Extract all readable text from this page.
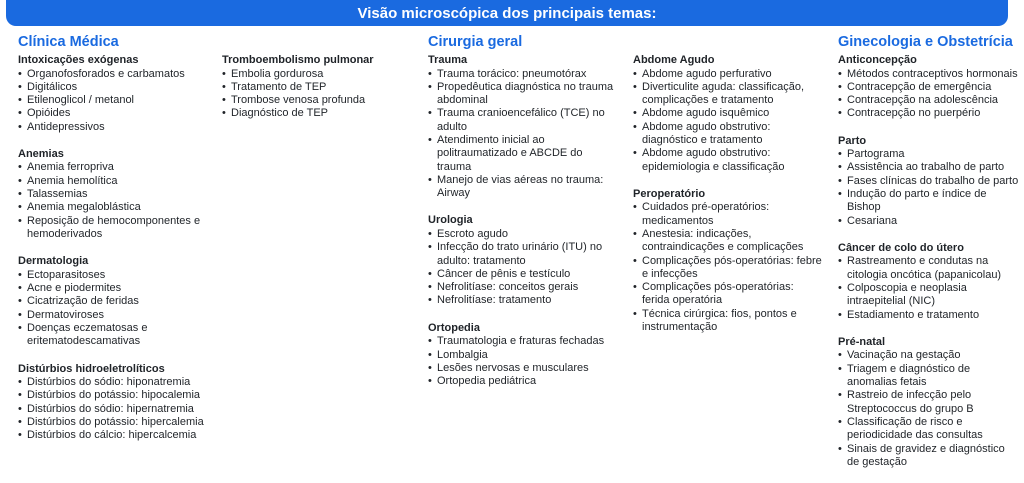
Visão microscópica dos principais temas:
Clínica Médica
Intoxicações exógenas
• Organofosforados e carbamatos
• Digitálicos
• Etilenoglicol / metanol
• Opióides
• Antidepressivos
Anemias
• Anemia ferropriva
• Anemia hemolítica
• Talassemias
• Anemia megaloblástica
• Reposição de hemocomponentes e hemoderivados
Dermatologia
• Ectoparasitoses
• Acne e piodermites
• Cicatrização de feridas
• Dermatoviroses
• Doenças eczematosas e eritematodescamativas
Distúrbios hidroeletrolíticos
• Distúrbios do sódio: hiponatremia
• Distúrbios do potássio: hipocalemia
• Distúrbios do sódio: hipernatremia
• Distúrbios do potássio: hipercalemia
• Distúrbios do cálcio: hipercalcemia
Tromboembolismo pulmonar
• Embolia gordurosa
• Tratamento de TEP
• Trombose venosa profunda
• Diagnóstico de TEP
Cirurgia geral
Trauma
• Trauma torácico: pneumotórax
• Propedêutica diagnóstica no trauma abdominal
• Trauma cranioencefálico (TCE) no adulto
• Atendimento inicial ao politraumatizado e ABCDE do trauma
• Manejo de vias aéreas no trauma: Airway
Urologia
• Escroto agudo
• Infecção do trato urinário (ITU) no adulto: tratamento
• Câncer de pênis e testículo
• Nefrolitíase: conceitos gerais
• Nefrolitíase: tratamento
Ortopedia
• Traumatologia e fraturas fechadas
• Lombalgia
• Lesões nervosas e musculares
• Ortopedia pediátrica
Abdome Agudo
• Abdome agudo perfurativo
• Diverticulite aguda: classificação, complicações e tratamento
• Abdome agudo isquêmico
• Abdome agudo obstrutivo: diagnóstico e tratamento
• Abdome agudo obstrutivo: epidemiologia e classificação
Peroperatório
• Cuidados pré-operatórios: medicamentos
• Anestesia: indicações, contraindicações e complicações
• Complicações pós-operatórias: febre e infecções
• Complicações pós-operatórias: ferida operatória
• Técnica cirúrgica: fios, pontos e instrumentação
Ginecologia e Obstetrícia
Anticoncepção
• Métodos contraceptivos hormonais
• Contracepção de emergência
• Contracepção na adolescência
• Contracepção no puerpério
Parto
• Partograma
• Assistência ao trabalho de parto
• Fases clínicas do trabalho de parto
• Indução do parto e índice de Bishop
• Cesariana
Câncer de colo do útero
• Rastreamento e condutas na citologia oncótica (papanicolau)
• Colposcopia e neoplasia intraepitelial (NIC)
• Estadiamento e tratamento
Pré-natal
• Vacinação na gestação
• Triagem e diagnóstico de anomalias fetais
• Rastreio de infecção pelo Streptococcus do grupo B
• Classificação de risco e periodicidade das consultas
• Sinais de gravidez e diagnóstico de gestação
